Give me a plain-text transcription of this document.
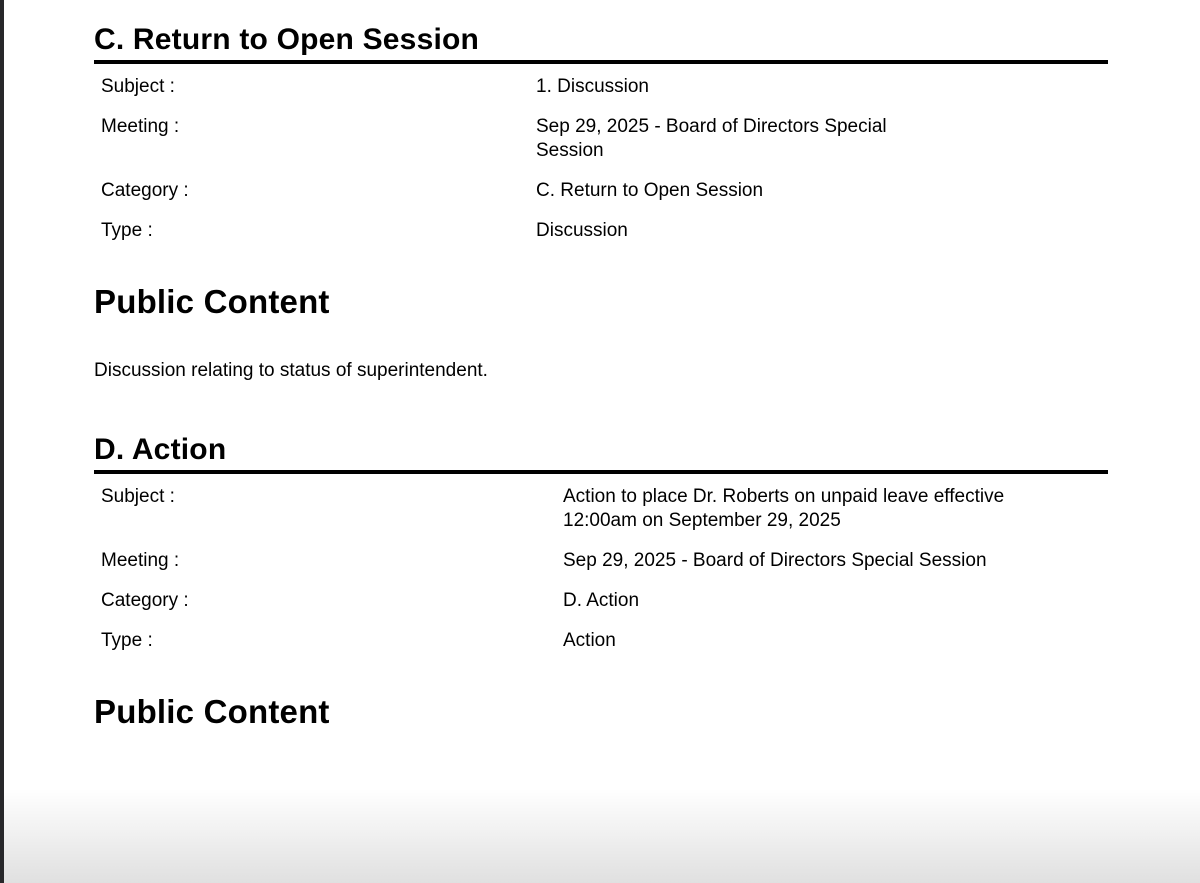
C. Return to Open Session
Subject :	1. Discussion
Meeting :	Sep 29, 2025 - Board of Directors Special Session
Category :	C. Return to Open Session
Type :	Discussion
Public Content

Discussion relating to status of superintendent.

D. Action
Subject :	Action to place Dr. Roberts on unpaid leave effective 12:00am on September 29, 2025
Meeting :	Sep 29, 2025 - Board of Directors Special Session
Category :	D. Action
Type :	Action
Public Content
